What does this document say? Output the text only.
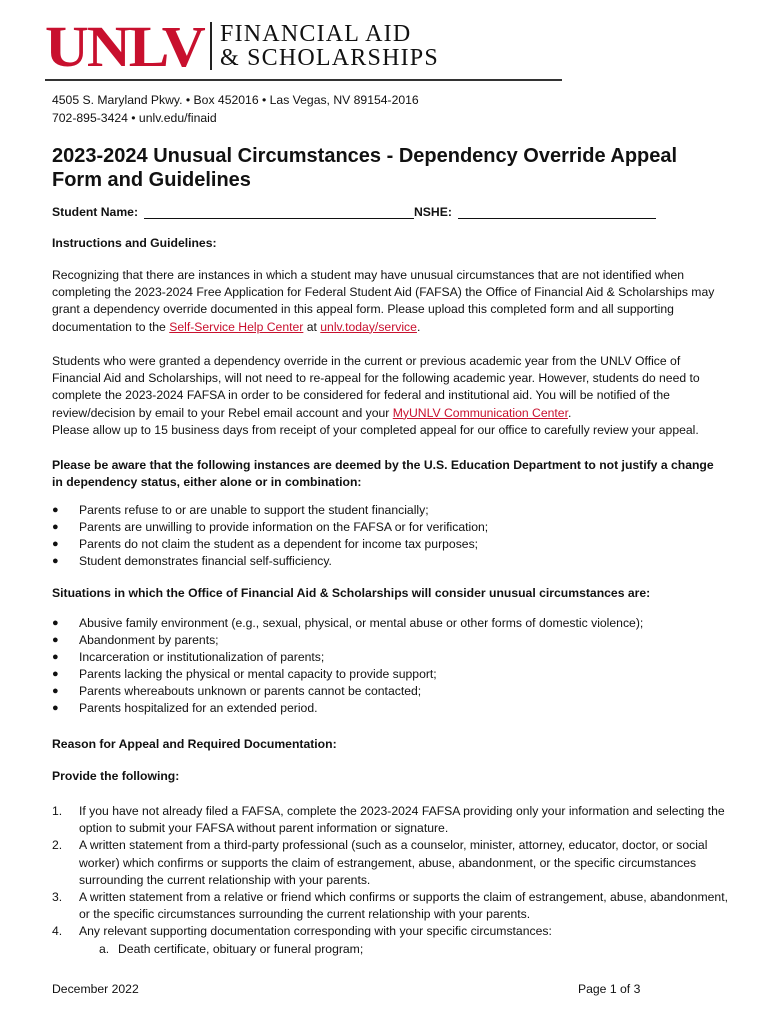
UNLV FINANCIAL AID
& SCHOLARSHIPS
4505 S. Maryland Pkwy. • Box 452016 • Las Vegas, NV 89154-2016
702-895-3424 • unlv.edu/finaid
2023-2024 Unusual Circumstances - Dependency Override Appeal Form and Guidelines
Student Name:	NSHE:
Instructions and Guidelines:

Recognizing that there are instances in which a student may have unusual circumstances that are not identified when completing the 2023-2024 Free Application for Federal Student Aid (FAFSA) the Office of Financial Aid & Scholarships may grant a dependency override documented in this appeal form. Please upload this completed form and all supporting documentation to the Self-Service Help Center at unlv.today/service.

Students who were granted a dependency override in the current or previous academic year from the UNLV Office of Financial Aid and Scholarships, will not need to re-appeal for the following academic year. However, students do need to complete the 2023-2024 FAFSA in order to be considered for federal and institutional aid. You will be notified of the review/decision by email to your Rebel email account and your MyUNLV Communication Center.
Please allow up to 15 business days from receipt of your completed appeal for our office to carefully review your appeal.

Please be aware that the following instances are deemed by the U.S. Education Department to not justify a change in dependency status, either alone or in combination:
●	Parents refuse to or are unable to support the student financially;
●	Parents are unwilling to provide information on the FAFSA or for verification;
●	Parents do not claim the student as a dependent for income tax purposes;
●	Student demonstrates financial self-sufficiency.
Situations in which the Office of Financial Aid & Scholarships will consider unusual circumstances are:
●	Abusive family environment (e.g., sexual, physical, or mental abuse or other forms of domestic violence);
●	Abandonment by parents;
●	Incarceration or institutionalization of parents;
●	Parents lacking the physical or mental capacity to provide support;
●	Parents whereabouts unknown or parents cannot be contacted;
●	Parents hospitalized for an extended period.
Reason for Appeal and Required Documentation:
Provide the following:
1.	If you have not already filed a FAFSA, complete the 2023-2024 FAFSA providing only your information and selecting the option to submit your FAFSA without parent information or signature.
2.	A written statement from a third-party professional (such as a counselor, minister, attorney, educator, doctor, or social worker) which confirms or supports the claim of estrangement, abuse, abandonment, or the specific circumstances surrounding the current relationship with your parents.
3.	A written statement from a relative or friend which confirms or supports the claim of estrangement, abuse, abandonment, or the specific circumstances surrounding the current relationship with your parents.
4.	Any relevant supporting documentation corresponding with your specific circumstances:
a. Death certificate, obituary or funeral program;
December 2022	Page 1 of 3
